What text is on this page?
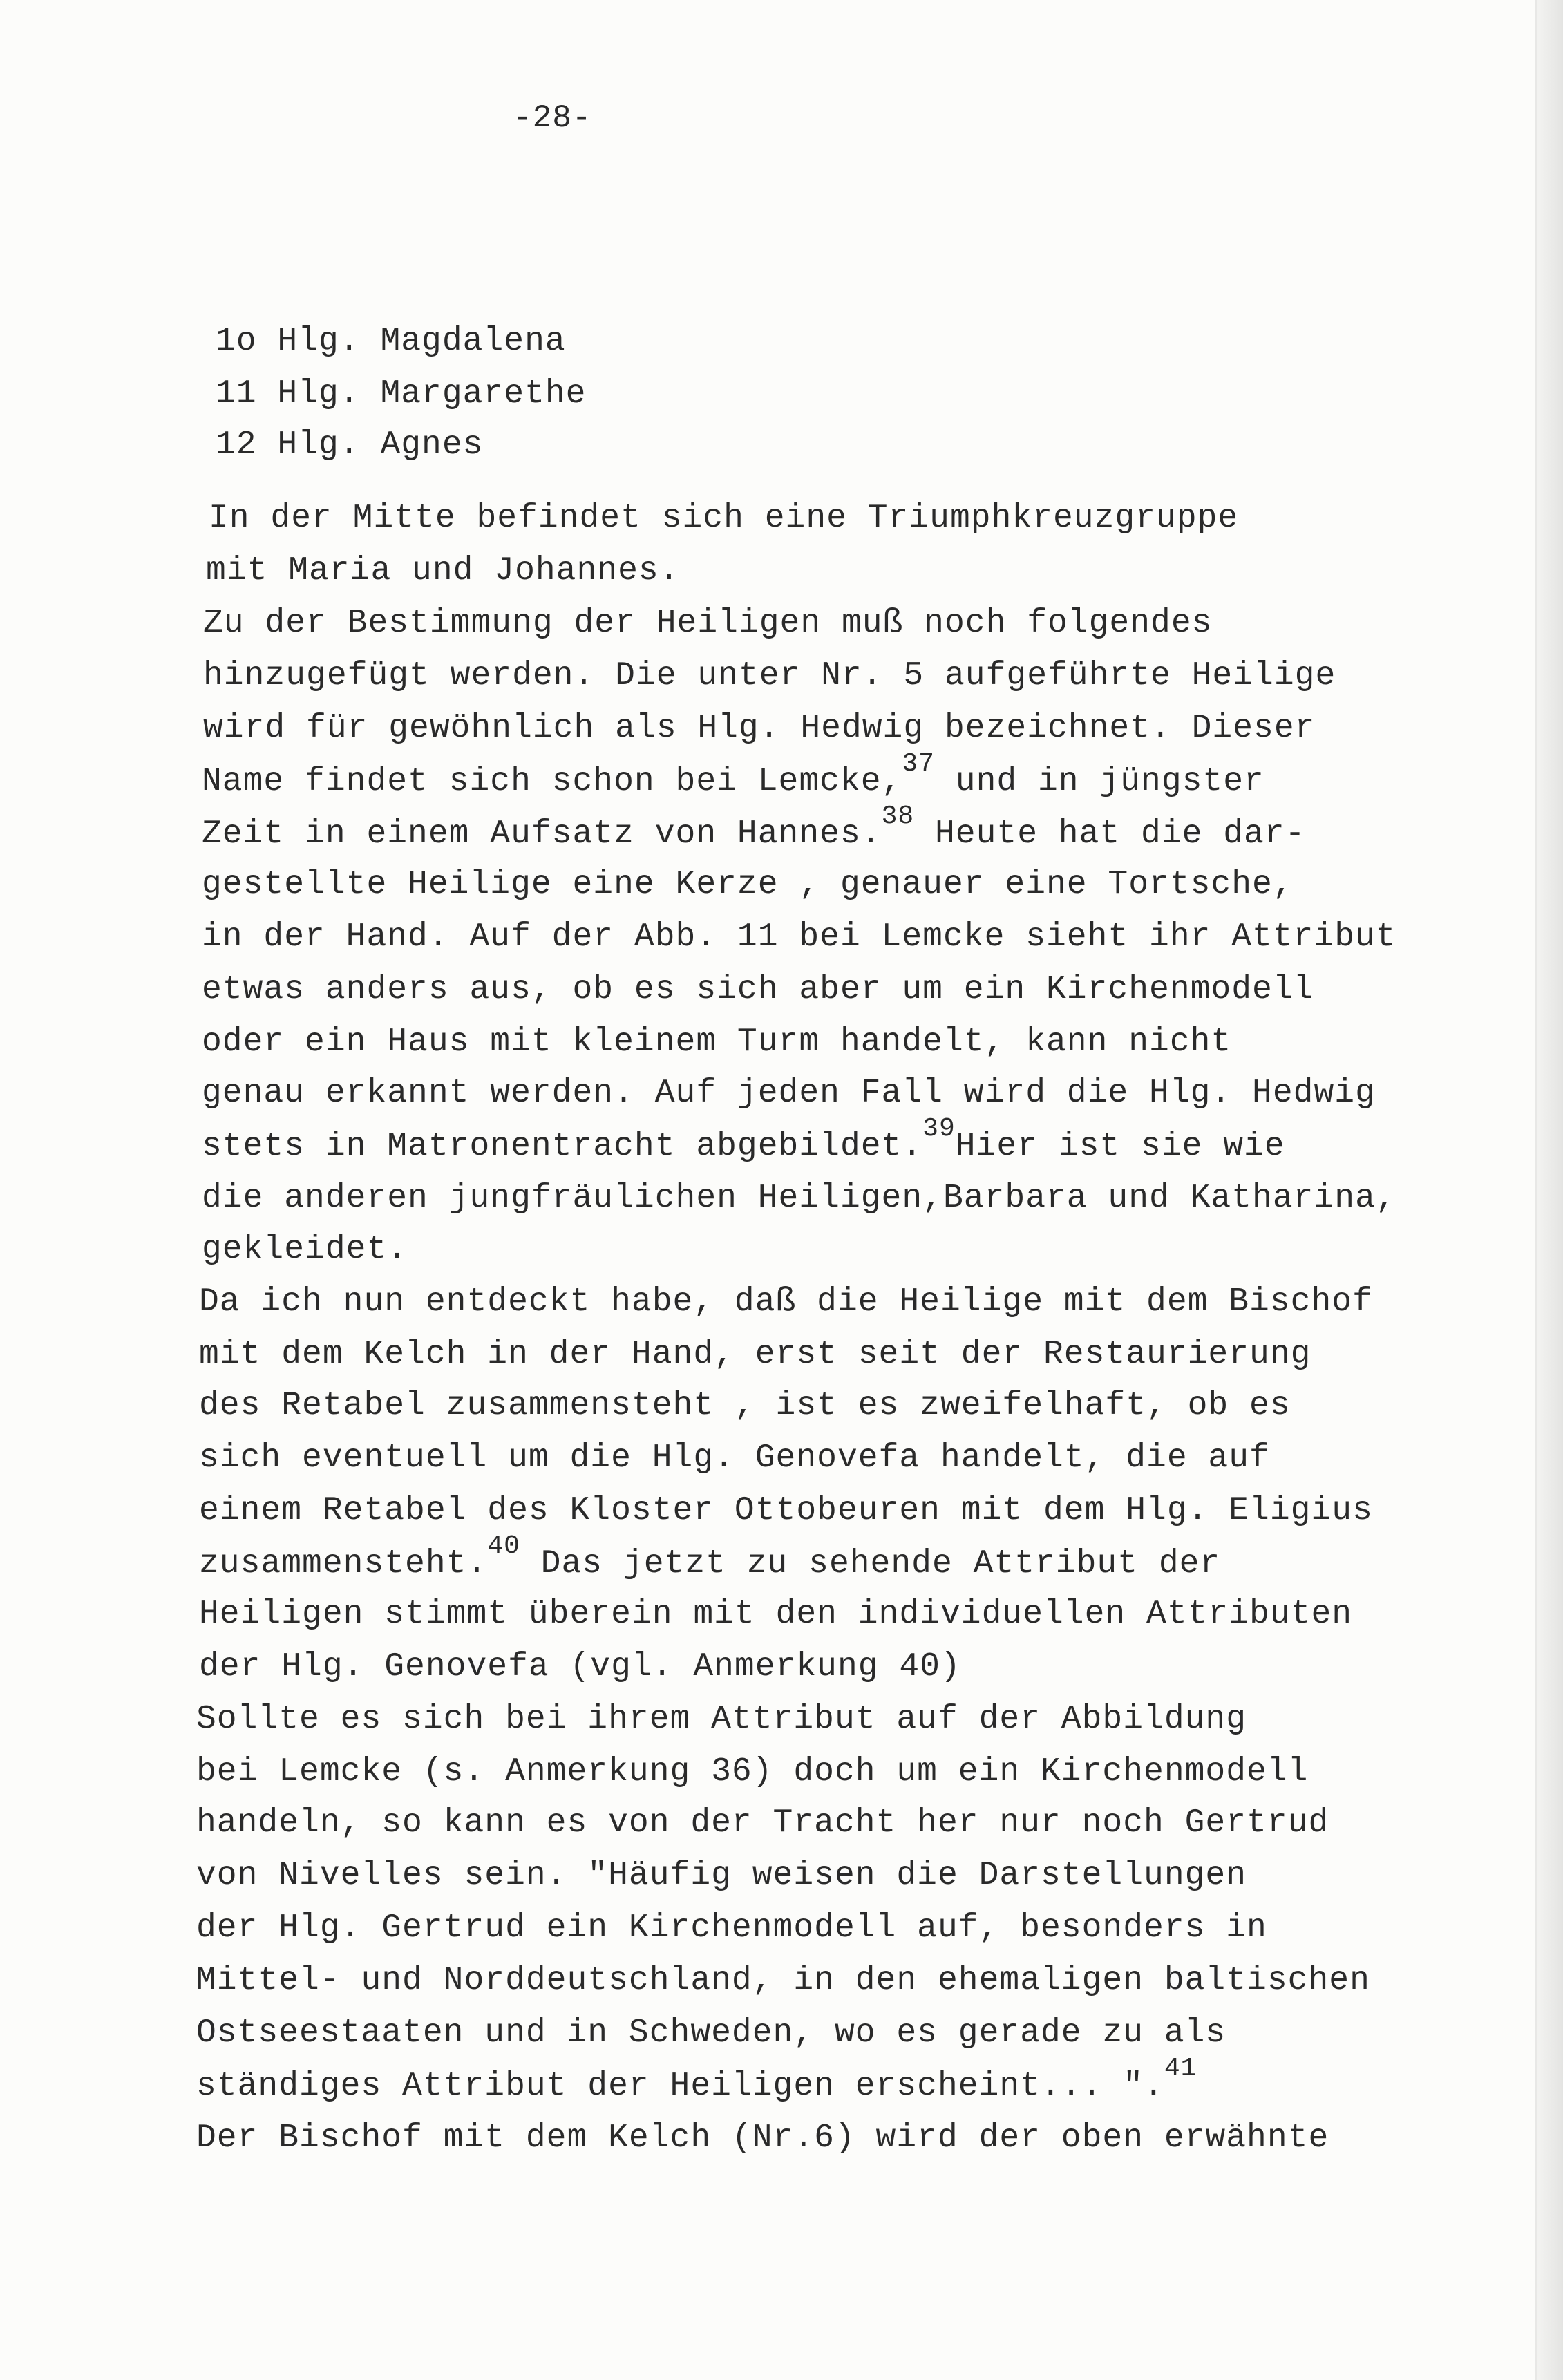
-28-
1o Hlg. Magdalena
11 Hlg. Margarethe
12 Hlg. Agnes
In der Mitte befindet sich eine Triumphkreuzgruppe
mit Maria und Johannes.
Zu der Bestimmung der Heiligen muß noch folgendes
hinzugefügt werden. Die unter Nr. 5 aufgeführte Heilige
wird für gewöhnlich als Hlg. Hedwig bezeichnet. Dieser
Name findet sich schon bei Lemcke,$^{37}$ und in jüngster
Zeit in einem Aufsatz von Hannes.$^{38}$ Heute hat die dar-
gestellte Heilige eine Kerze , genauer eine Tortsche,
in der Hand. Auf der Abb. 11 bei Lemcke sieht ihr Attribut
etwas anders aus, ob es sich aber um ein Kirchenmodell
oder ein Haus mit kleinem Turm handelt, kann nicht
genau erkannt werden. Auf jeden Fall wird die Hlg. Hedwig
stets in Matronentracht abgebildet.$^{39}$Hier ist sie wie
die anderen jungfräulichen Heiligen,Barbara und Katharina,
gekleidet.
Da ich nun entdeckt habe, daß die Heilige mit dem Bischof
mit dem Kelch in der Hand, erst seit der Restaurierung
des Retabel zusammensteht , ist es zweifelhaft, ob es
sich eventuell um die Hlg. Genovefa handelt, die auf
einem Retabel des Kloster Ottobeuren mit dem Hlg. Eligius
zusammensteht.$^{40}$ Das jetzt zu sehende Attribut der
Heiligen stimmt überein mit den individuellen Attributen
der Hlg. Genovefa (vgl. Anmerkung 40)
Sollte es sich bei ihrem Attribut auf der Abbildung
bei Lemcke (s. Anmerkung 36) doch um ein Kirchenmodell
handeln, so kann es von der Tracht her nur noch Gertrud
von Nivelles sein. "Häufig weisen die Darstellungen
der Hlg. Gertrud ein Kirchenmodell auf, besonders in
Mittel- und Norddeutschland, in den ehemaligen baltischen
Ostseestaaten und in Schweden, wo es gerade zu als
ständiges Attribut der Heiligen erscheint... ".$^{41}$
Der Bischof mit dem Kelch (Nr.6) wird der oben erwähnte
